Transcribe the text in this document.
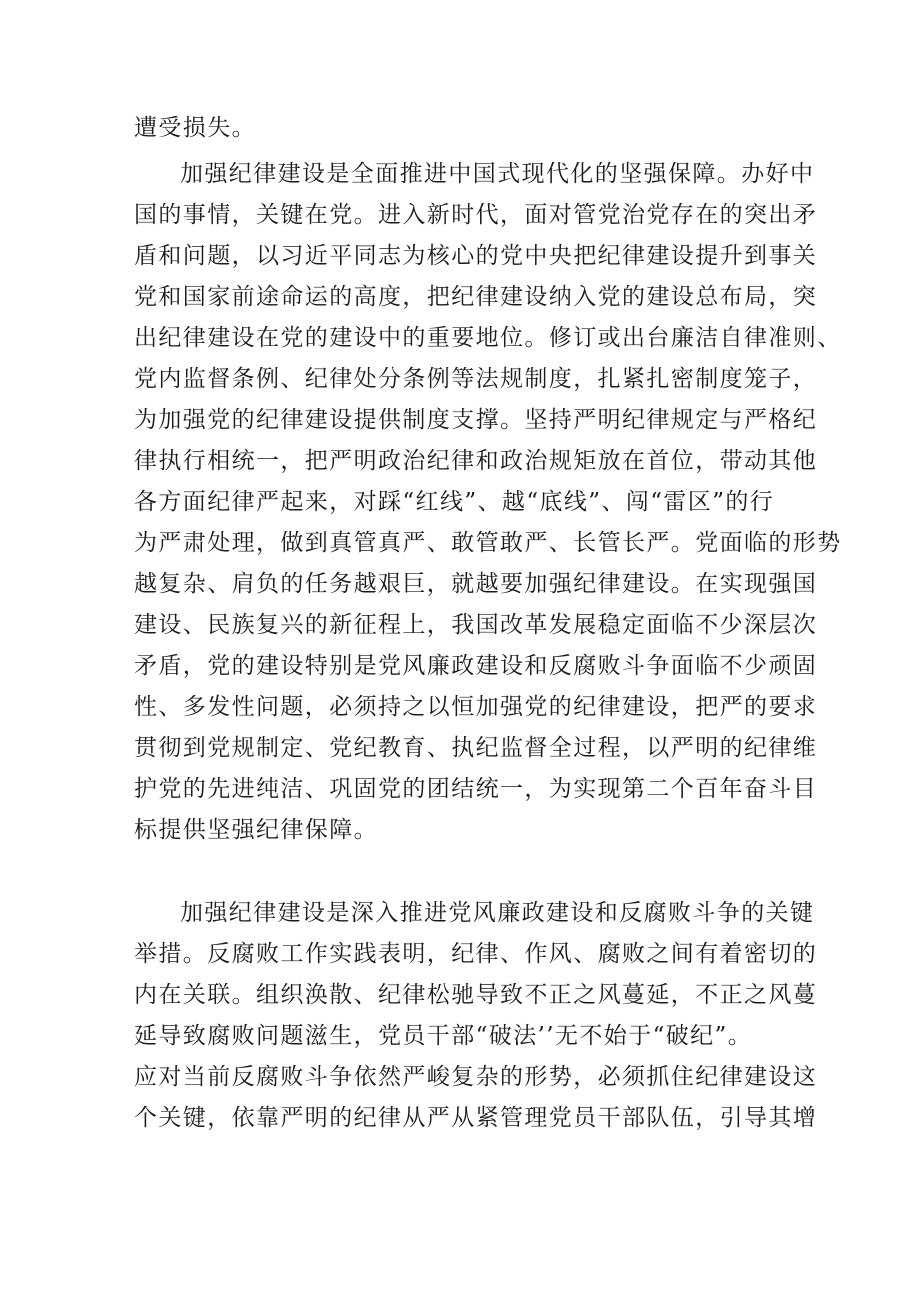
遭受损失。
加强纪律建设是全面推进中国式现代化的坚强保障。办好中
国的事情，关键在党。进入新时代，面对管党治党存在的突出矛
盾和问题，以习近平同志为核心的党中央把纪律建设提升到事关
党和国家前途命运的高度，把纪律建设纳入党的建设总布局，突
出纪律建设在党的建设中的重要地位。修订或出台廉洁自律准则、
党内监督条例、纪律处分条例等法规制度，扎紧扎密制度笼子，
为加强党的纪律建设提供制度支撑。坚持严明纪律规定与严格纪
律执行相统一，把严明政治纪律和政治规矩放在首位，带动其他
各方面纪律严起来，对踩“红线”、越“底线”、闯“雷区”的行
为严肃处理，做到真管真严、敢管敢严、长管长严。党面临的形势
越复杂、肩负的任务越艰巨，就越要加强纪律建设。在实现强国
建设、民族复兴的新征程上，我国改革发展稳定面临不少深层次
矛盾，党的建设特别是党风廉政建设和反腐败斗争面临不少顽固
性、多发性问题，必须持之以恒加强党的纪律建设，把严的要求
贯彻到党规制定、党纪教育、执纪监督全过程，以严明的纪律维
护党的先进纯洁、巩固党的团结统一，为实现第二个百年奋斗目
标提供坚强纪律保障。
加强纪律建设是深入推进党风廉政建设和反腐败斗争的关键
举措。反腐败工作实践表明，纪律、作风、腐败之间有着密切的
内在关联。组织涣散、纪律松驰导致不正之风蔓延，不正之风蔓
延导致腐败问题滋生，党员干部“破法’’无不始于“破纪”。
应对当前反腐败斗争依然严峻复杂的形势，必须抓住纪律建设这
个关键，依靠严明的纪律从严从紧管理党员干部队伍，引导其增
